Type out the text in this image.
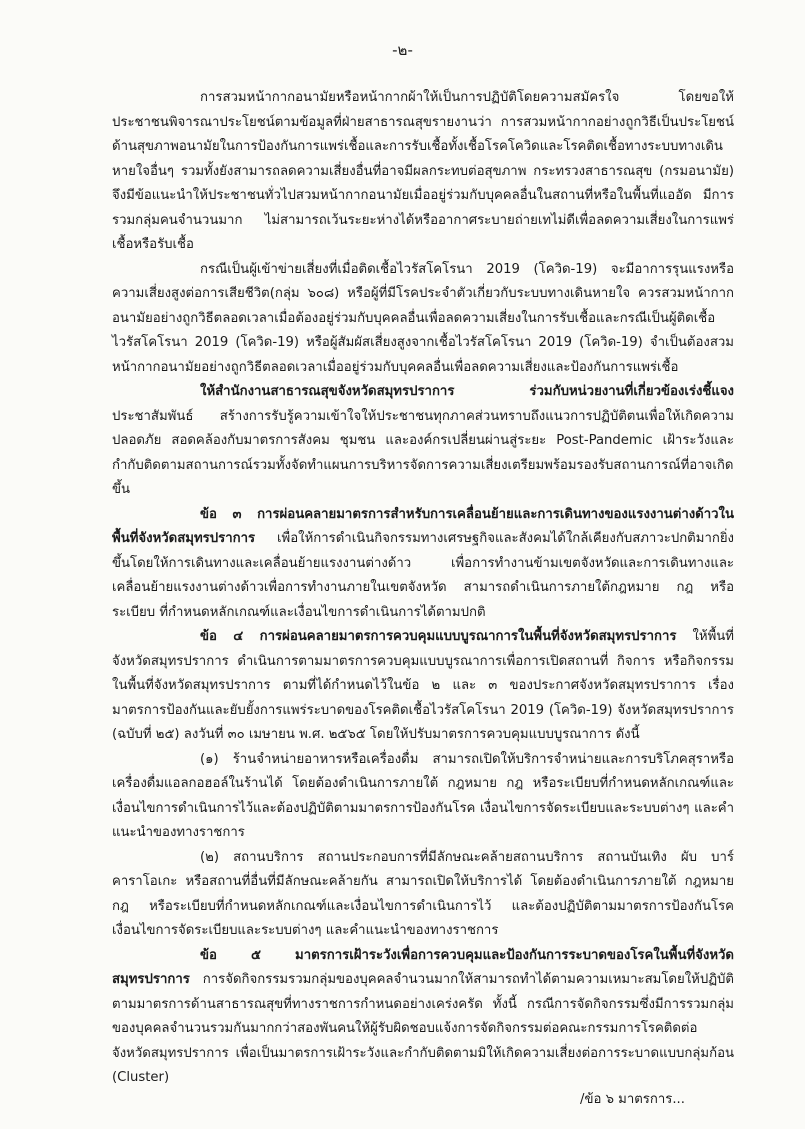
-๒-

การสวมหน้ากากอนามัยหรือหน้ากากผ้าให้เป็นการปฏิบัติโดยความสมัครใจ โดยขอให้ประชาชนพิจารณาประโยชน์ตามข้อมูลที่ฝ่ายสาธารณสุขรายงานว่า การสวมหน้ากากอย่างถูกวิธีเป็นประโยชน์ด้านสุขภาพอนามัยในการป้องกันการแพร่เชื้อและการรับเชื้อทั้งเชื้อโรคโควิดและโรคติดเชื้อทางระบบทางเดินหายใจอื่นๆ รวมทั้งยังสามารถลดความเสี่ยงอื่นที่อาจมีผลกระทบต่อสุขภาพ กระทรวงสาธารณสุข (กรมอนามัย) จึงมีข้อแนะนำให้ประชาชนทั่วไปสวมหน้ากากอนามัยเมื่ออยู่ร่วมกับบุคคลอื่นในสถานที่หรือในพื้นที่แออัด มีการรวมกลุ่มคนจำนวนมาก ไม่สามารถเว้นระยะห่างได้หรืออากาศระบายถ่ายเทไม่ดีเพื่อลดความเสี่ยงในการแพร่เชื้อหรือรับเชื้อ

กรณีเป็นผู้เข้าข่ายเสี่ยงที่เมื่อติดเชื้อไวรัสโคโรนา 2019 (โควิด-19) จะมีอาการรุนแรงหรือความเสี่ยงสูงต่อการเสียชีวิต(กลุ่ม ๖๐๘) หรือผู้ที่มีโรคประจำตัวเกี่ยวกับระบบทางเดินหายใจ ควรสวมหน้ากากอนามัยอย่างถูกวิธีตลอดเวลาเมื่อต้องอยู่ร่วมกับบุคคลอื่นเพื่อลดความเสี่ยงในการรับเชื้อและกรณีเป็นผู้ติดเชื้อไวรัสโคโรนา 2019 (โควิด-19) หรือผู้สัมผัสเสี่ยงสูงจากเชื้อไวรัสโคโรนา 2019 (โควิด-19) จำเป็นต้องสวมหน้ากากอนามัยอย่างถูกวิธีตลอดเวลาเมื่ออยู่ร่วมกับบุคคลอื่นเพื่อลดความเสี่ยงและป้องกันการแพร่เชื้อ

ให้สำนักงานสาธารณสุขจังหวัดสมุทรปราการ ร่วมกับหน่วยงานที่เกี่ยวข้องเร่งชี้แจงประชาสัมพันธ์ สร้างการรับรู้ความเข้าใจให้ประชาชนทุกภาคส่วนทราบถึงแนวการปฏิบัติตนเพื่อให้เกิดความปลอดภัย สอดคล้องกับมาตรการสังคม ชุมชน และองค์กรเปลี่ยนผ่านสู่ระยะ Post-Pandemic เฝ้าระวังและกำกับติดตามสถานการณ์รวมทั้งจัดทำแผนการบริหารจัดการความเสี่ยงเตรียมพร้อมรองรับสถานการณ์ที่อาจเกิดขึ้น

ข้อ ๓ การผ่อนคลายมาตรการสำหรับการเคลื่อนย้ายและการเดินทางของแรงงานต่างด้าวในพื้นที่จังหวัดสมุทรปราการ เพื่อให้การดำเนินกิจกรรมทางเศรษฐกิจและสังคมได้ใกล้เคียงกับสภาวะปกติมากยิ่งขึ้นโดยให้การเดินทางและเคลื่อนย้ายแรงงานต่างด้าว เพื่อการทำงานข้ามเขตจังหวัดและการเดินทางและเคลื่อนย้ายแรงงานต่างด้าวเพื่อการทำงานภายในเขตจังหวัด สามารถดำเนินการภายใต้กฎหมาย กฎ หรือระเบียบ ที่กำหนดหลักเกณฑ์และเงื่อนไขการดำเนินการได้ตามปกติ

ข้อ ๔ การผ่อนคลายมาตรการควบคุมแบบบูรณาการในพื้นที่จังหวัดสมุทรปราการ ให้พื้นที่จังหวัดสมุทรปราการ ดำเนินการตามมาตรการควบคุมแบบบูรณาการเพื่อการเปิดสถานที่ กิจการ หรือกิจกรรมในพื้นที่จังหวัดสมุทรปราการ ตามที่ได้กำหนดไว้ในข้อ ๒ และ ๓ ของประกาศจังหวัดสมุทรปราการ เรื่อง มาตรการป้องกันและยับยั้งการแพร่ระบาดของโรคติดเชื้อไวรัสโคโรนา 2019 (โควิด-19) จังหวัดสมุทรปราการ (ฉบับที่ ๒๕) ลงวันที่ ๓๐ เมษายน พ.ศ. ๒๕๖๕ โดยให้ปรับมาตรการควบคุมแบบบูรณาการ ดังนี้

(๑) ร้านจำหน่ายอาหารหรือเครื่องดื่ม สามารถเปิดให้บริการจำหน่ายและการบริโภคสุราหรือเครื่องดื่มแอลกอฮอล์ในร้านได้ โดยต้องดำเนินการภายใต้ กฎหมาย กฎ หรือระเบียบที่กำหนดหลักเกณฑ์และเงื่อนไขการดำเนินการไว้และต้องปฏิบัติตามมาตรการป้องกันโรค เงื่อนไขการจัดระเบียบและระบบต่างๆ และคำแนะนำของทางราชการ

(๒) สถานบริการ สถานประกอบการที่มีลักษณะคล้ายสถานบริการ สถานบันเทิง ผับ บาร์ คาราโอเกะ หรือสถานที่อื่นที่มีลักษณะคล้ายกัน สามารถเปิดให้บริการได้ โดยต้องดำเนินการภายใต้ กฎหมาย กฎ หรือระเบียบที่กำหนดหลักเกณฑ์และเงื่อนไขการดำเนินการไว้ และต้องปฏิบัติตามมาตรการป้องกันโรค เงื่อนไขการจัดระเบียบและระบบต่างๆ และคำแนะนำของทางราชการ

ข้อ ๕ มาตรการเฝ้าระวังเพื่อการควบคุมและป้องกันการระบาดของโรคในพื้นที่จังหวัดสมุทรปราการ การจัดกิจกรรมรวมกลุ่มของบุคคลจำนวนมากให้สามารถทำได้ตามความเหมาะสมโดยให้ปฏิบัติตามมาตรการด้านสาธารณสุขที่ทางราชการกำหนดอย่างเคร่งครัด ทั้งนี้ กรณีการจัดกิจกรรมซึ่งมีการรวมกลุ่มของบุคคลจำนวนรวมกันมากกว่าสองพันคนให้ผู้รับผิดชอบแจ้งการจัดกิจกรรมต่อคณะกรรมการโรคติดต่อจังหวัดสมุทรปราการ เพื่อเป็นมาตรการเฝ้าระวังและกำกับติดตามมิให้เกิดความเสี่ยงต่อการระบาดแบบกลุ่มก้อน (Cluster)

/ข้อ ๖ มาตรการ...
